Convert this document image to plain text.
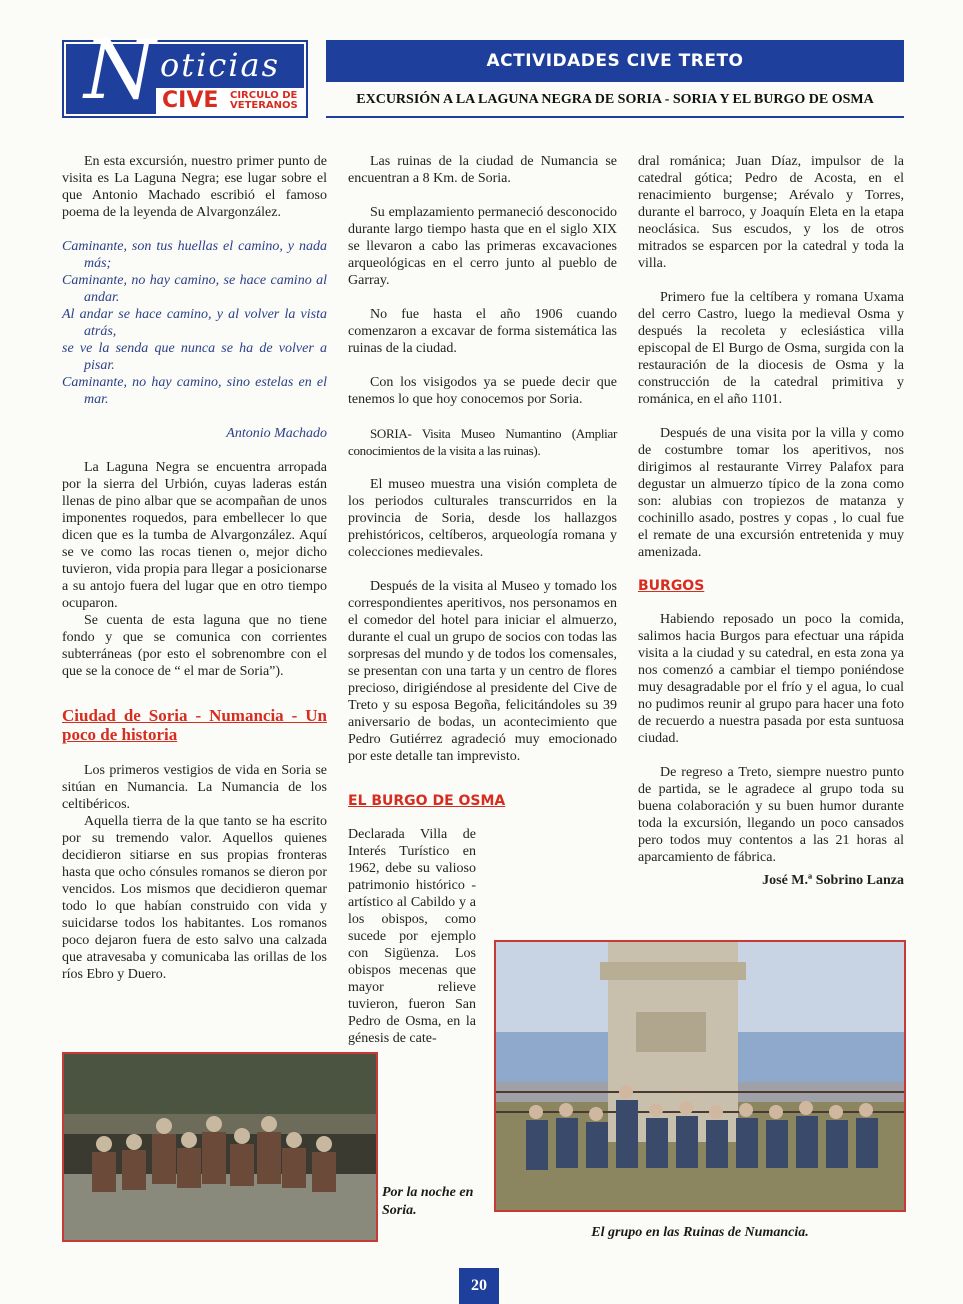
N oticias
CIVE CIRCULO DE
VETERANOS
ACTIVIDADES CIVE TRETO
EXCURSIÓN A LA LAGUNA NEGRA DE SORIA - SORIA Y EL BURGO DE OSMA

En esta excursión, nuestro primer punto de visita es La Laguna Negra; ese lugar sobre el que Antonio Machado escribió el famoso poema de la leyenda de Alvargonzález.

Caminante, son tus huellas el camino, y nada más;
Caminante, no hay camino, se hace camino al andar.
Al andar se hace camino, y al volver la vista atrás,
se ve la senda que nunca se ha de volver a pisar.
Caminante, no hay camino, sino estelas en el mar.
Antonio Machado

La Laguna Negra se encuentra arropada por la sierra del Urbión, cuyas laderas están llenas de pino albar que se acompañan de unos imponentes roquedos, para embellecer lo que dicen que es la tumba de Alvargonzález. Aquí se ve como las rocas tienen o, mejor dicho tuvieron, vida propia para llegar a posicionarse a su antojo fuera del lugar que en otro tiempo ocuparon.

Se cuenta de esta laguna que no tiene fondo y que se comunica con corrientes subterráneas (por esto el sobrenombre con el que se la conoce de “ el mar de Soria”).

Ciudad de Soria - Numancia - Un poco de historia

Los primeros vestigios de vida en Soria se sitúan en Numancia. La Numancia de los celtibéricos.

Aquella tierra de la que tanto se ha escrito por su tremendo valor. Aquellos quienes decidieron sitiarse en sus propias fronteras hasta que ocho cónsules romanos se dieron por vencidos. Los mismos que decidieron quemar todo lo que habían construido con vida y suicidarse todos los habitantes. Los romanos poco dejaron fuera de esto salvo una calzada que atravesaba y comunicaba las orillas de los ríos Ebro y Duero.

Las ruinas de la ciudad de Numancia se encuentran a 8 Km. de Soria.

Su emplazamiento permaneció desconocido durante largo tiempo hasta que en el siglo XIX se llevaron a cabo las primeras excavaciones arqueológicas en el cerro junto al pueblo de Garray.

No fue hasta el año 1906 cuando comenzaron a excavar de forma sistemática las ruinas de la ciudad.

Con los visigodos ya se puede decir que tenemos lo que hoy conocemos por Soria.

SORIA- Visita Museo Numantino (Ampliar conocimientos de la visita a las ruinas).

El museo muestra una visión completa de los periodos culturales transcurridos en la provincia de Soria, desde los hallazgos prehistóricos, celtíberos, arqueología romana y colecciones medievales.

Después de la visita al Museo y tomado los correspondientes aperitivos, nos personamos en el comedor del hotel para iniciar el almuerzo, durante el cual un grupo de socios con todas las sorpresas del mundo y de todos los comensales, se presentan con una tarta y un centro de flores precioso, dirigiéndose al presidente del Cive de Treto y su esposa Begoña, felicitándoles su 39 aniversario de bodas, un acontecimiento que Pedro Gutiérrez agradeció muy emocionado por este detalle tan imprevisto.

EL BURGO DE OSMA

Declarada Villa de Interés Turístico en 1962, debe su valioso patrimonio histórico - artístico al Cabildo y a los obispos, como sucede por ejemplo con Sigüenza. Los obispos mecenas que mayor relieve tuvieron, fueron San Pedro de Osma, en la génesis de cate-

dral románica; Juan Díaz, impulsor de la catedral gótica; Pedro de Acosta, en el renacimiento burgense; Arévalo y Torres, durante el barroco, y Joaquín Eleta en la etapa neoclásica. Sus escudos, y los de otros mitrados se esparcen por la catedral y toda la villa.

Primero fue la celtíbera y romana Uxama del cerro Castro, luego la medieval Osma y después la recoleta y eclesiástica villa episcopal de El Burgo de Osma, surgida con la restauración de la diocesis de Osma y la construcción de la catedral primitiva y románica, en el año 1101.

Después de una visita por la villa y como de costumbre tomar los aperitivos, nos dirigimos al restaurante Virrey Palafox para degustar un almuerzo típico de la zona como son: alubias con tropiezos de matanza y cochinillo asado, postres y copas , lo cual fue el remate de una excursión entretenida y muy amenizada.

BURGOS

Habiendo reposado un poco la comida, salimos hacia Burgos para efectuar una rápida visita a la ciudad y su catedral, en esta zona ya nos comenzó a cambiar el tiempo poniéndose muy desagradable por el frío y el agua, lo cual no pudimos reunir al grupo para hacer una foto de recuerdo a nuestra pasada por esta suntuosa ciudad.

De regreso a Treto, siempre nuestro punto de partida, se le agradece al grupo toda su buena colaboración y su buen humor durante toda la excursión, llegando un poco cansados pero todos muy contentos a las 21 horas al aparcamiento de fábrica.

José M.ª Sobrino Lanza
Por la noche en Soria.
El grupo en las Ruinas de Numancia.
20
